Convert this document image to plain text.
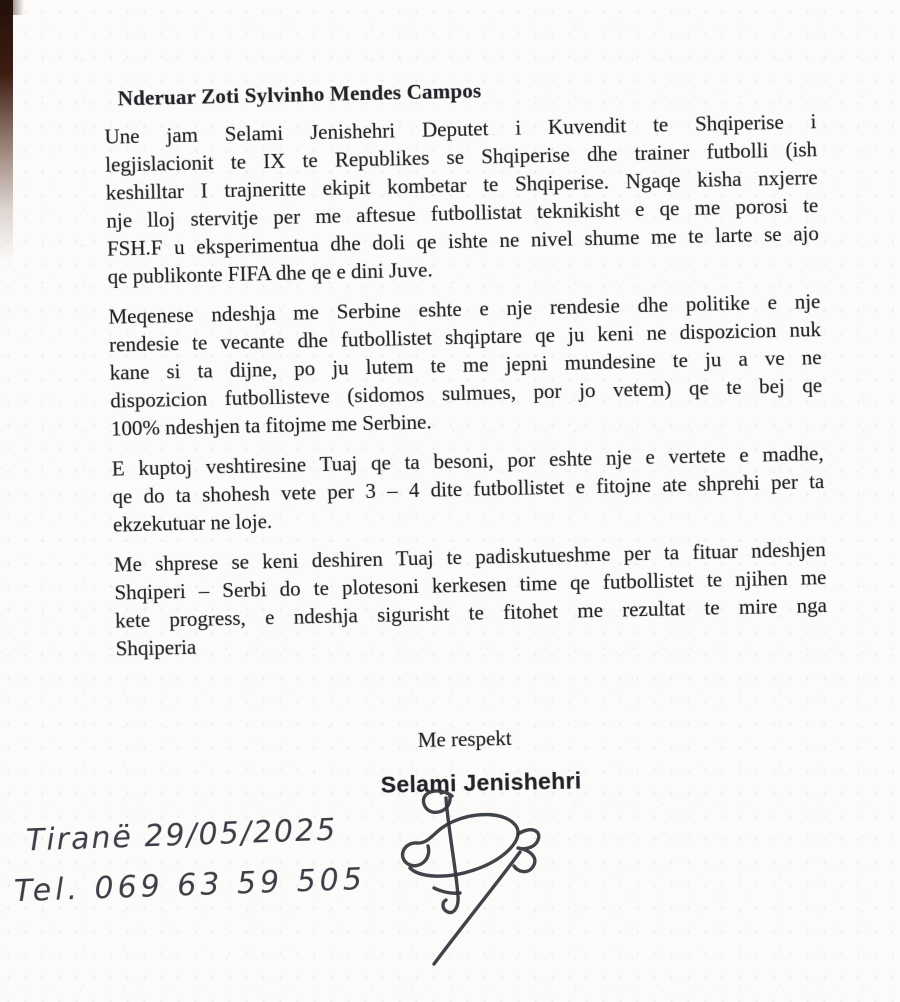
Nderuar Zoti Sylvinho Mendes Campos
Une jam Selami Jenishehri Deputet i Kuvendit te Shqiperise i
legjislacionit te IX te Republikes se Shqiperise dhe trainer futbolli (ish
keshilltar I trajneritte ekipit kombetar te Shqiperise. Ngaqe kisha nxjerre
nje lloj stervitje per me aftesue futbollistat teknikisht e qe me porosi te
FSH.F u eksperimentua dhe doli qe ishte ne nivel shume me te larte se ajo
qe publikonte FIFA dhe qe e dini Juve.
Meqenese ndeshja me Serbine eshte e nje rendesie dhe politike e nje
rendesie te vecante dhe futbollistet shqiptare qe ju keni ne dispozicion nuk
kane si ta dijne, po ju lutem te me jepni mundesine te ju a ve ne
dispozicion futbollisteve (sidomos sulmues, por jo vetem) qe te bej qe
100% ndeshjen ta fitojme me Serbine.
E kuptoj veshtiresine Tuaj qe ta besoni, por eshte nje e vertete e madhe,
qe do ta shohesh vete per 3 – 4 dite futbollistet e fitojne ate shprehi per ta
ekzekutuar ne loje.
Me shprese se keni deshiren Tuaj te padiskutueshme per ta fituar ndeshjen
Shqiperi – Serbi do te plotesoni kerkesen time qe futbollistet te njihen me
kete progress, e ndeshja sigurisht te fitohet me rezultat te mire nga
Shqiperia
Me respekt
Selami Jenishehri
Tiranë 29/05/2025
Tel. 069 63 59 505
